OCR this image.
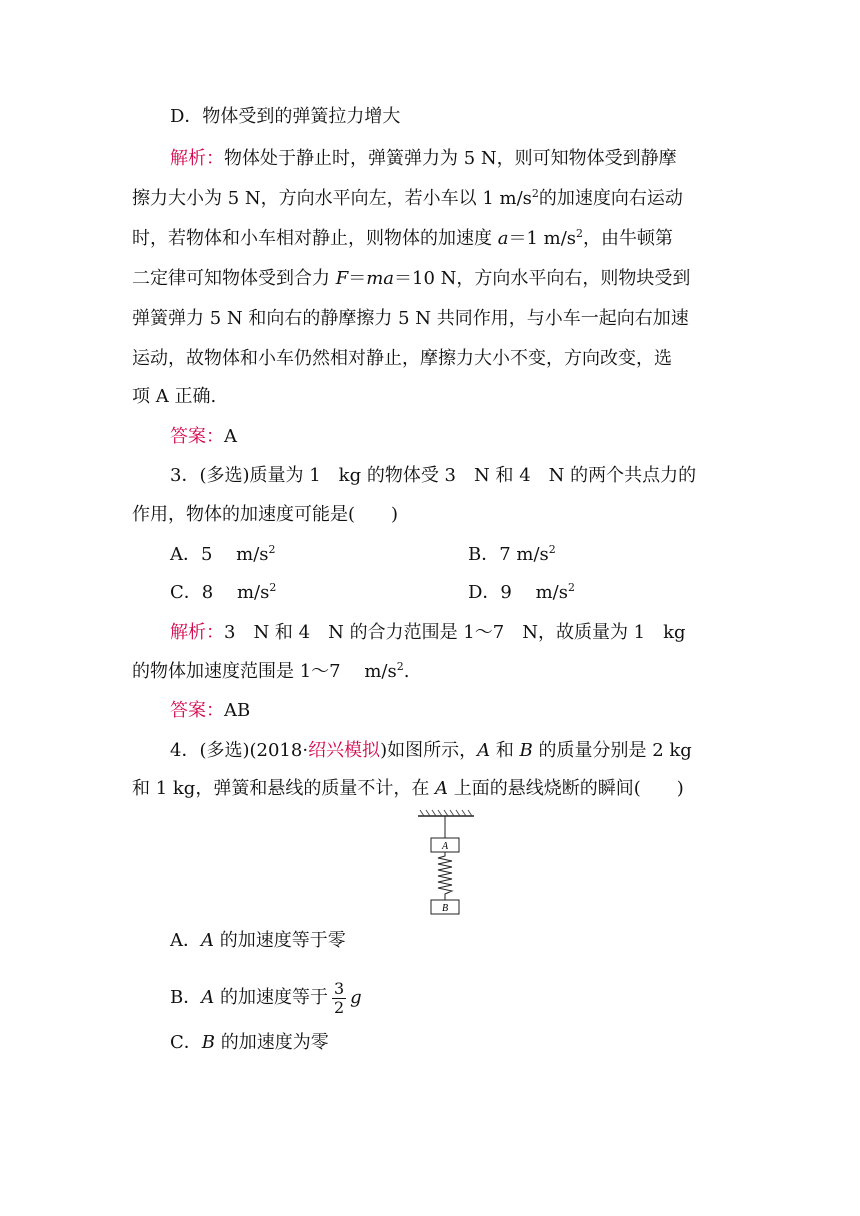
D．物体受到的弹簧拉力增大
解析：物体处于静止时，弹簧弹力为 5 N，则可知物体受到静摩
擦力大小为 5 N，方向水平向左，若小车以 1 $m/s^2$的加速度向右运动
时，若物体和小车相对静止，则物体的加速度 a＝1 $m/s^2$，由牛顿第
二定律可知物体受到合力 F＝ma＝10 N，方向水平向右，则物块受到
弹簧弹力 5 N 和向右的静摩擦力 5 N 共同作用，与小车一起向右加速
运动，故物体和小车仍然相对静止，摩擦力大小不变，方向改变，选
项 A 正确.
答案：A
3．(多选)质量为 1　kg 的物体受 3　N 和 4　N 的两个共点力的
作用，物体的加速度可能是(　　)
A．5　 $m/s^2$	B．7 $m/s^2$
C．8　 $m/s^2$	D．9　 $m/s^2$
解析：3　N 和 4　N 的合力范围是 1～7　N，故质量为 1　kg
的物体加速度范围是 1～7　 $m/s^2$.
答案：AB
4．(多选)(2018·绍兴模拟)如图所示，A 和 B 的质量分别是 2 kg
和 1 kg，弹簧和悬线的质量不计，在 A 上面的悬线烧断的瞬间(　　)
A
B
A．A 的加速度等于零
B．A 的加速度等于 $\frac{3}{2}$ g
C．B 的加速度为零
